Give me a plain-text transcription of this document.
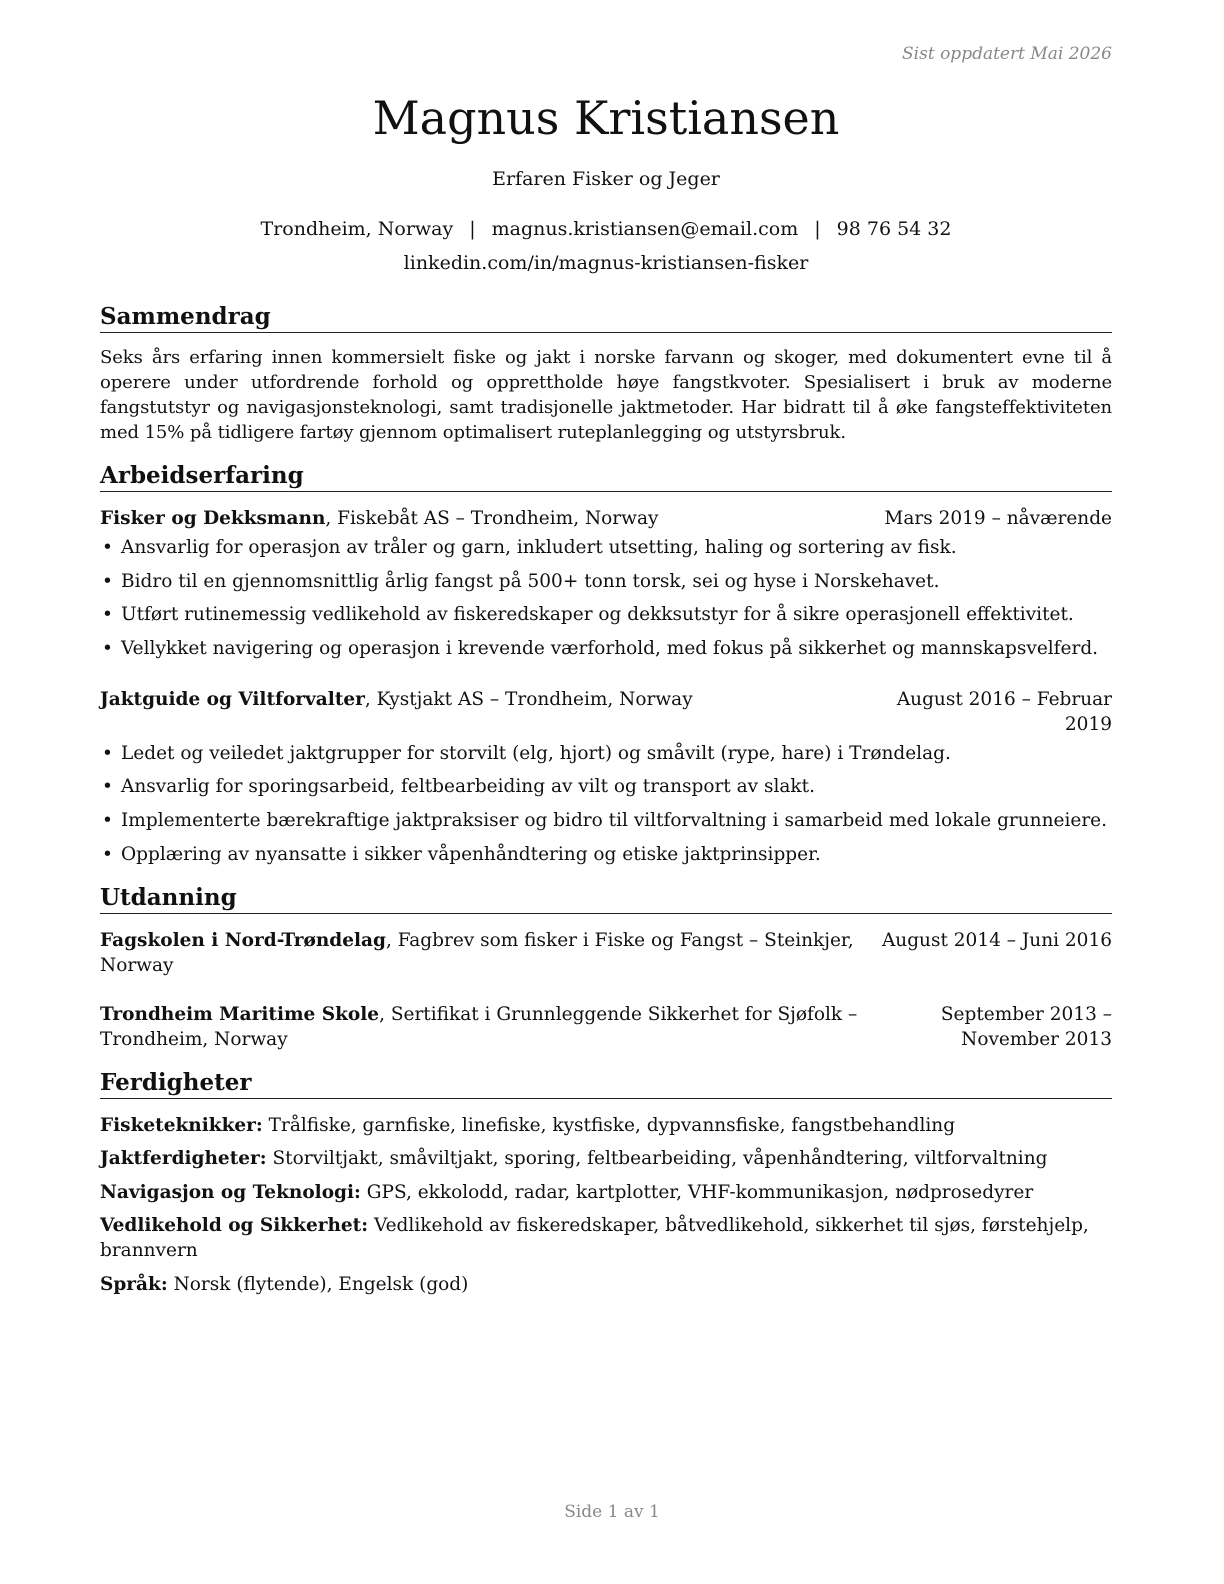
Sist oppdatert Mai 2026
Magnus Kristiansen
Erfaren Fisker og Jeger
Trondheim, Norway | magnus.kristiansen@email.com | 98 76 54 32
linkedin.com/in/magnus-kristiansen-fisker
Sammendrag

Seks års erfaring innen kommersielt fiske og jakt i norske farvann og skoger, med dokumentert evne til å operere under utfordrende forhold og opprettholde høye fangstkvoter. Spesialisert i bruk av moderne fangstutstyr og navigasjonsteknologi, samt tradisjonelle jaktmetoder. Har bidratt til å øke fangsteffektiviteten med 15% på tidligere fartøy gjennom optimalisert ruteplanlegging og utstyrsbruk.

Arbeidserfaring
Fisker og Dekksmann, Fiskebåt AS – Trondheim, Norway	Mars 2019 – nåværende
• Ansvarlig for operasjon av tråler og garn, inkludert utsetting, haling og sortering av fisk.
• Bidro til en gjennomsnittlig årlig fangst på 500+ tonn torsk, sei og hyse i Norskehavet.
• Utført rutinemessig vedlikehold av fiskeredskaper og dekksutstyr for å sikre operasjonell effektivitet.
• Vellykket navigering og operasjon i krevende værforhold, med fokus på sikkerhet og mannskapsvelferd.
Jaktguide og Viltforvalter, Kystjakt AS – Trondheim, Norway	August 2016 – Februar 2019
• Ledet og veiledet jaktgrupper for storvilt (elg, hjort) og småvilt (rype, hare) i Trøndelag.
• Ansvarlig for sporingsarbeid, feltbearbeiding av vilt og transport av slakt.
• Implementerte bærekraftige jaktpraksiser og bidro til viltforvaltning i samarbeid med lokale grunneiere.
• Opplæring av nyansatte i sikker våpenhåndtering og etiske jaktprinsipper.
Utdanning
Fagskolen i Nord-Trøndelag, Fagbrev som fisker i Fiske og Fangst – Steinkjer, Norway
August 2014 – Juni 2016
Trondheim Maritime Skole, Sertifikat i Grunnleggende Sikkerhet for Sjøfolk – Trondheim, Norway
September 2013 – November 2013
Ferdigheter
Fisketeknikker: Trålfiske, garnfiske, linefiske, kystfiske, dypvannsfiske, fangstbehandling
Jaktferdigheter: Storviltjakt, småviltjakt, sporing, feltbearbeiding, våpenhåndtering, viltforvaltning
Navigasjon og Teknologi: GPS, ekkolodd, radar, kartplotter, VHF-kommunikasjon, nødprosedyrer
Vedlikehold og Sikkerhet: Vedlikehold av fiskeredskaper, båtvedlikehold, sikkerhet til sjøs, førstehjelp, brannvern
Språk: Norsk (flytende), Engelsk (god)
Side 1 av 1
